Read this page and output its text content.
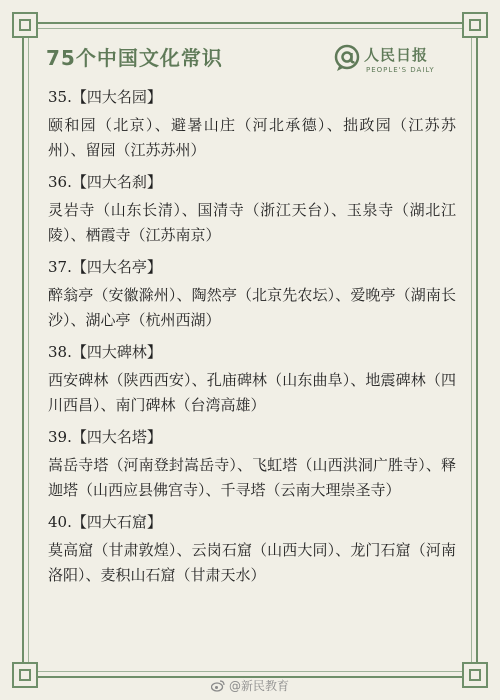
75个中国文化常识	人民日报
PEOPLE'S DAILY
35.【四大名园】
颐和园（北京）、避暑山庄（河北承德）、拙政园（江苏苏州）、留园（江苏苏州）
36.【四大名刹】
灵岩寺（山东长清）、国清寺（浙江天台）、玉泉寺（湖北江陵）、栖霞寺（江苏南京）
37.【四大名亭】
醉翁亭（安徽滁州）、陶然亭（北京先农坛）、爱晚亭（湖南长沙）、湖心亭（杭州西湖）
38.【四大碑林】
西安碑林（陕西西安）、孔庙碑林（山东曲阜）、地震碑林（四川西昌）、南门碑林（台湾高雄）
39.【四大名塔】
嵩岳寺塔（河南登封嵩岳寺）、飞虹塔（山西洪洞广胜寺）、释迦塔（山西应县佛宫寺）、千寻塔（云南大理崇圣寺）
40.【四大石窟】
莫高窟（甘肃敦煌）、云岗石窟（山西大同）、龙门石窟（河南洛阳）、麦积山石窟（甘肃天水）
@新民教育
